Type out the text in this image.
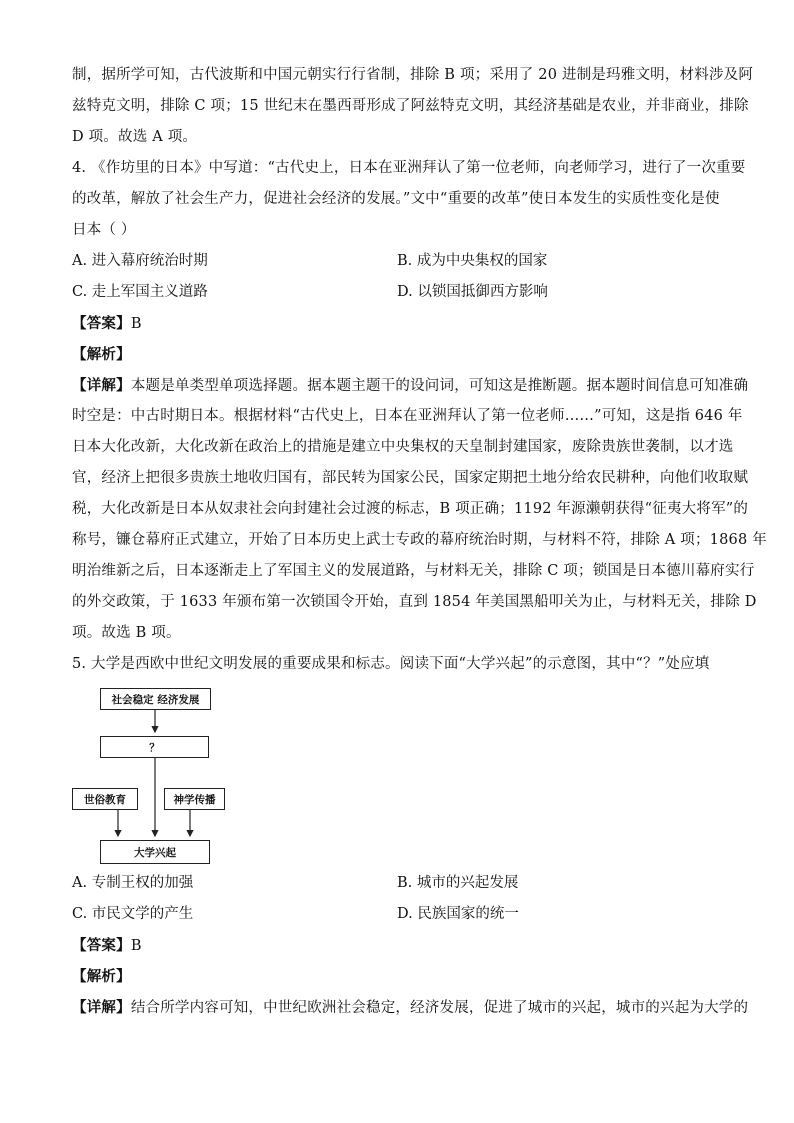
制，据所学可知，古代波斯和中国元朝实行行省制，排除 B 项；采用了 20 进制是玛雅文明，材料涉及阿
兹特克文明，排除 C 项；15 世纪末在墨西哥形成了阿兹特克文明，其经济基础是农业，并非商业，排除
D 项。故选 A 项。
4. 《作坊里的日本》中写道：“古代史上，日本在亚洲拜认了第一位老师，向老师学习，进行了一次重要
的改革，解放了社会生产力，促进社会经济的发展。”文中“重要的改革”使日本发生的实质性变化是使
日本（ ）
A. 进入幕府统治时期	B. 成为中央集权的国家
C. 走上军国主义道路	D. 以锁国抵御西方影响
【答案】B
【解析】
【详解】本题是单类型单项选择题。据本题主题干的设问词，可知这是推断题。据本题时间信息可知准确
时空是：中古时期日本。根据材料“古代史上，日本在亚洲拜认了第一位老师……”可知，这是指 646 年
日本大化改新，大化改新在政治上的措施是建立中央集权的天皇制封建国家，废除贵族世袭制，以才选
官，经济上把很多贵族土地收归国有，部民转为国家公民，国家定期把土地分给农民耕种，向他们收取赋
税，大化改新是日本从奴隶社会向封建社会过渡的标志，B 项正确；1192 年源濑朝获得“征夷大将军”的
称号，镰仓幕府正式建立，开始了日本历史上武士专政的幕府统治时期，与材料不符，排除 A 项；1868 年
明治维新之后，日本逐渐走上了军国主义的发展道路，与材料无关，排除 C 项；锁国是日本德川幕府实行
的外交政策，于 1633 年颁布第一次锁国令开始，直到 1854 年美国黑船叩关为止，与材料无关，排除 D
项。故选 B 项。
5. 大学是西欧中世纪文明发展的重要成果和标志。阅读下面“大学兴起”的示意图，其中“？”处应填
社会稳定 经济发展
？
世俗教育	神学传播
大学兴起
A. 专制王权的加强	B. 城市的兴起发展
C. 市民文学的产生	D. 民族国家的统一
【答案】B
【解析】
【详解】结合所学内容可知，中世纪欧洲社会稳定，经济发展，促进了城市的兴起，城市的兴起为大学的
